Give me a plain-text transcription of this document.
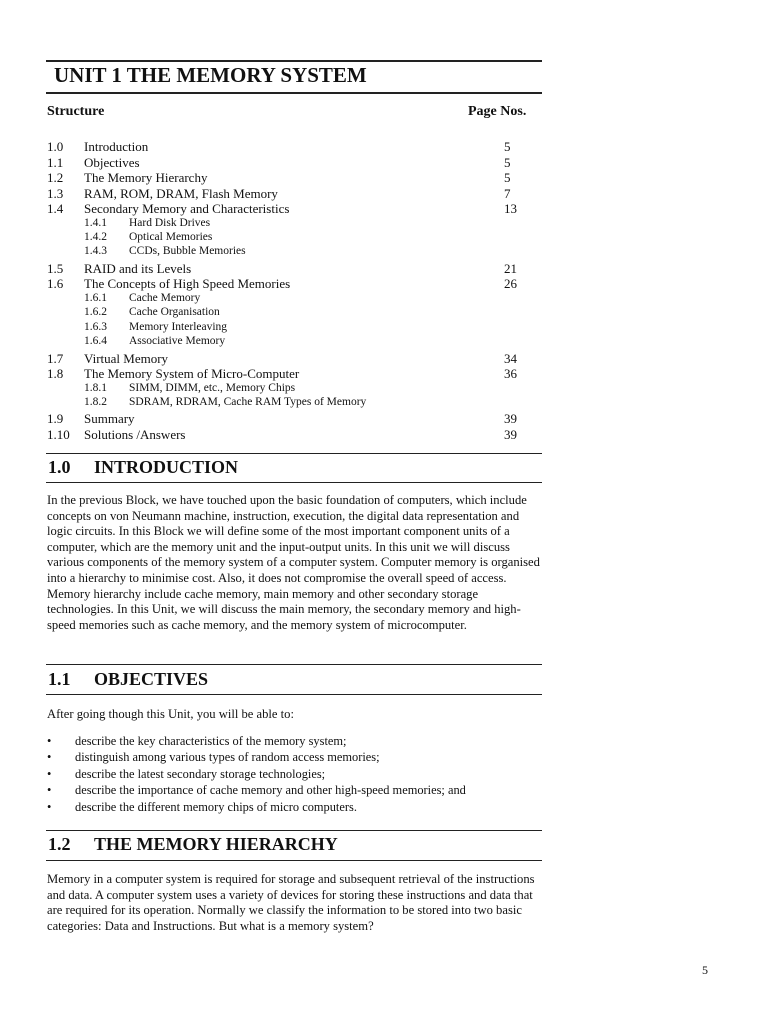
UNIT 1 THE MEMORY SYSTEM
Structure	Page Nos.
1.0 Introduction	5
1.1 Objectives	5
1.2 The Memory Hierarchy	5
1.3 RAM, ROM, DRAM, Flash Memory	7
1.4 Secondary Memory and Characteristics	13
1.4.1 Hard Disk Drives
1.4.2 Optical Memories
1.4.3 CCDs, Bubble Memories
1.5 RAID and its Levels	21
1.6 The Concepts of High Speed Memories	26
1.6.1 Cache Memory
1.6.2 Cache Organisation
1.6.3 Memory Interleaving
1.6.4 Associative Memory
1.7 Virtual Memory	34
1.8 The Memory System of Micro-Computer	36
1.8.1 SIMM, DIMM, etc., Memory Chips
1.8.2 SDRAM, RDRAM, Cache RAM Types of Memory
1.9 Summary	39
1.10 Solutions /Answers	39
1.0 INTRODUCTION

In the previous Block, we have touched upon the basic foundation of computers, which include concepts on von Neumann machine, instruction, execution, the digital data representation and logic circuits. In this Block we will define some of the most important component units of a computer, which are the memory unit and the input-output units. In this unit we will discuss various components of the memory system of a computer system. Computer memory is organised into a hierarchy to minimise cost. Also, it does not compromise the overall speed of access. Memory hierarchy include cache memory, main memory and other secondary storage technologies. In this Unit, we will discuss the main memory, the secondary memory and high-speed memories such as cache memory, and the memory system of microcomputer.

1.1 OBJECTIVES

After going though this Unit, you will be able to:

• describe the key characteristics of the memory system;
• distinguish among various types of random access memories;
• describe the latest secondary storage technologies;
• describe the importance of cache memory and other high-speed memories; and
• describe the different memory chips of micro computers.
1.2 THE MEMORY HIERARCHY

Memory in a computer system is required for storage and subsequent retrieval of the instructions and data. A computer system uses a variety of devices for storing these instructions and data that are required for its operation. Normally we classify the information to be stored into two basic categories: Data and Instructions. But what is a memory system?

5
